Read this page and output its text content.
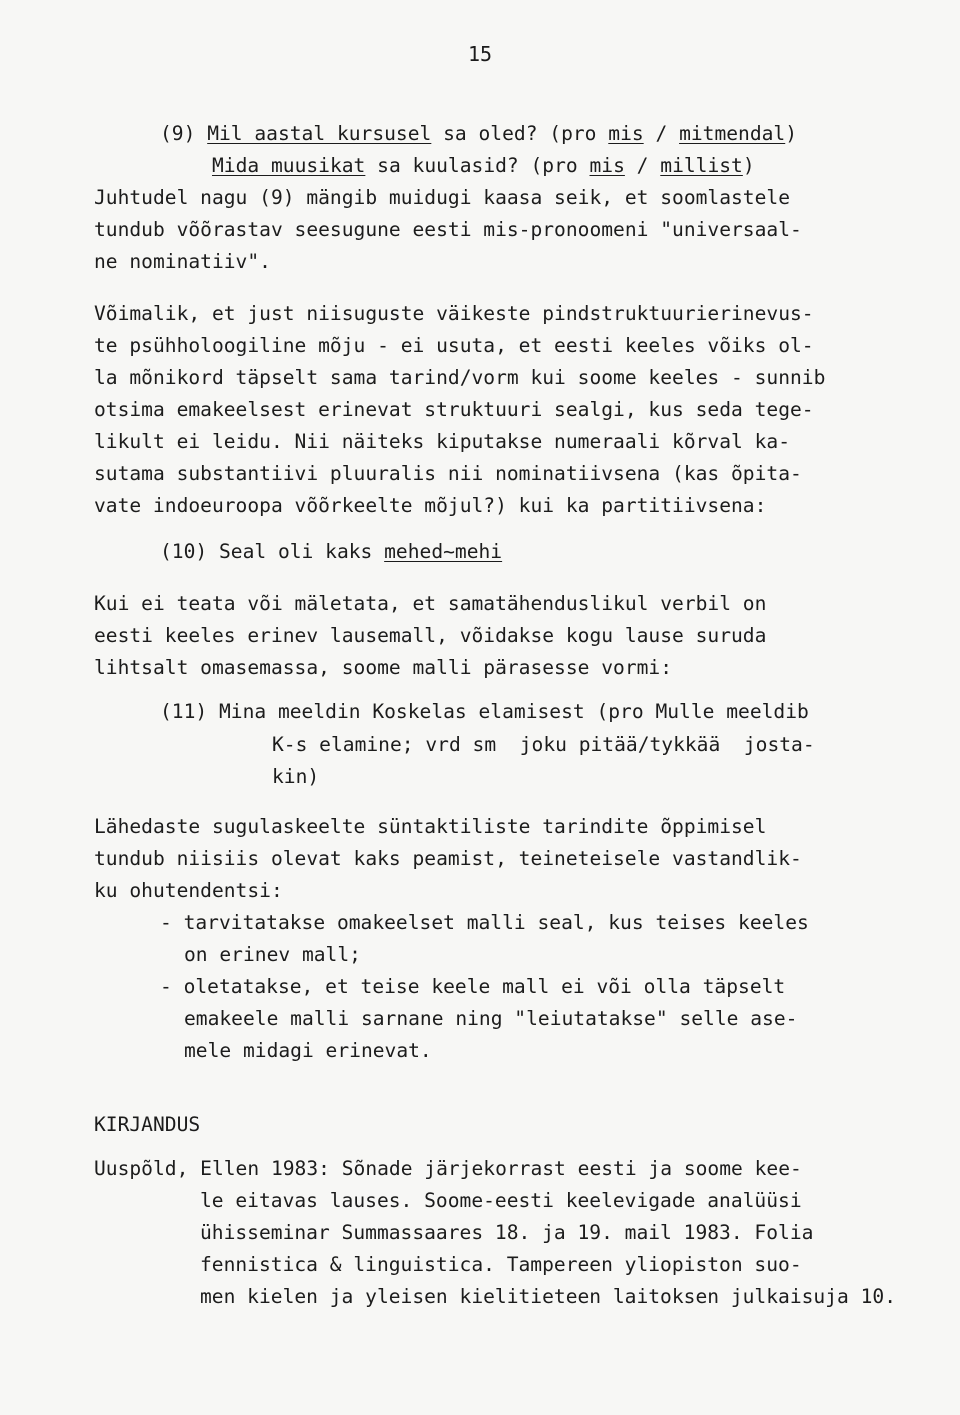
15
(9) Mil aastal kursusel sa oled? (pro mis / mitmendal)
Mida muusikat sa kuulasid? (pro mis / millist)
Juhtudel nagu (9) mängib muidugi kaasa seik, et soomlastele
tundub võõrastav seesugune eesti mis-pronoomeni "universaal-
ne nominatiiv".
Võimalik, et just niisuguste väikeste pindstruktuurierinevus-
te psühholoogiline mõju - ei usuta, et eesti keeles võiks ol-
la mõnikord täpselt sama tarind/vorm kui soome keeles - sunnib
otsima emakeelsest erinevat struktuuri sealgi, kus seda tege-
likult ei leidu. Nii näiteks kiputakse numeraali kõrval ka-
sutama substantiivi pluuralis nii nominatiivsena (kas õpita-
vate indoeuroopa võõrkeelte mõjul?) kui ka partitiivsena:
(10) Seal oli kaks mehed~mehi
Kui ei teata või mäletata, et samatähenduslikul verbil on
eesti keeles erinev lausemall, võidakse kogu lause suruda
lihtsalt omasemassa, soome malli pärasesse vormi:
(11) Mina meeldin Koskelas elamisest (pro Mulle meeldib
K-s elamine; vrd sm  joku pitää/tykkää  josta-
kin)
Lähedaste sugulaskeelte süntaktiliste tarindite õppimisel
tundub niisiis olevat kaks peamist, teineteisele vastandlik-
ku ohutendentsi:
- tarvitatakse omakeelset malli seal, kus teises keeles
on erinev mall;
- oletatakse, et teise keele mall ei või olla täpselt
emakeele malli sarnane ning "leiutatakse" selle ase-
mele midagi erinevat.
KIRJANDUS
Uuspõld, Ellen 1983: Sõnade järjekorrast eesti ja soome kee-
le eitavas lauses. Soome-eesti keelevigade analüüsi
ühisseminar Summassaares 18. ja 19. mail 1983. Folia
fennistica & linguistica. Tampereen yliopiston suo-
men kielen ja yleisen kielitieteen laitoksen julkaisuja 10.
